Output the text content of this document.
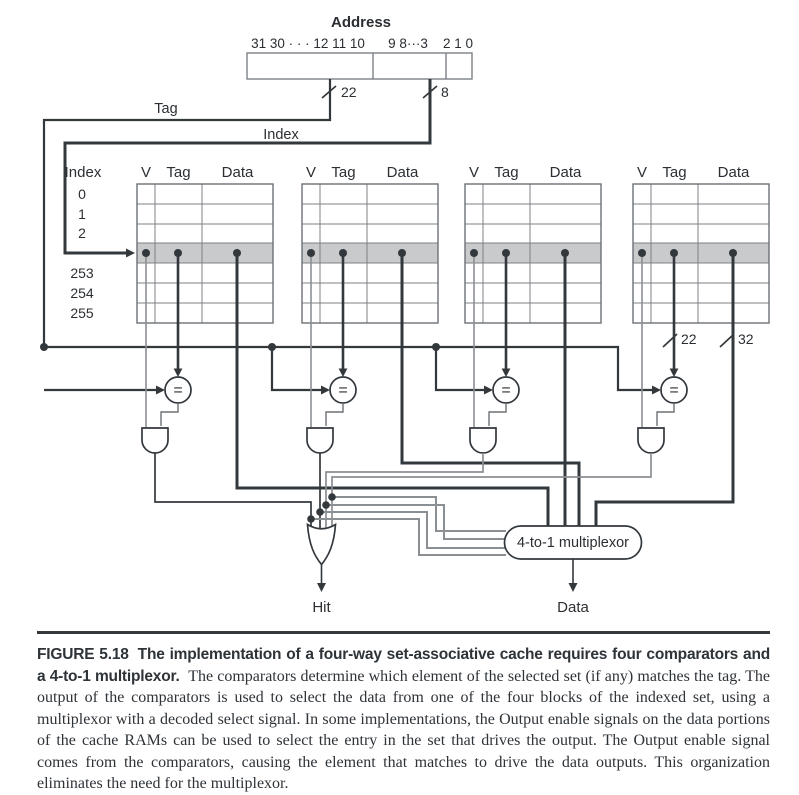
=
Address
31 30 · · · 12 11 10 9 8···3 2 1 0
22	8
Tag
Index
Index
0
1
2
253
254
255
V Tag Data	V Tag Data	V Tag Data	V Tag Data
Hit
4-to-1 multiplexor
Data
22	32
FIGURE 5.18 The implementation of a four-way set-associative cache requires four comparators and a 4-to-1 multiplexor. The comparators determine which element of the selected set (if any) matches the tag. The output of the comparators is used to select the data from one of the four blocks of the indexed set, using a multiplexor with a decoded select signal. In some implementations, the Output enable signals on the data portions of the cache RAMs can be used to select the entry in the set that drives the output. The Output enable signal comes from the comparators, causing the element that matches to drive the data outputs. This organization eliminates the need for the multiplexor.
